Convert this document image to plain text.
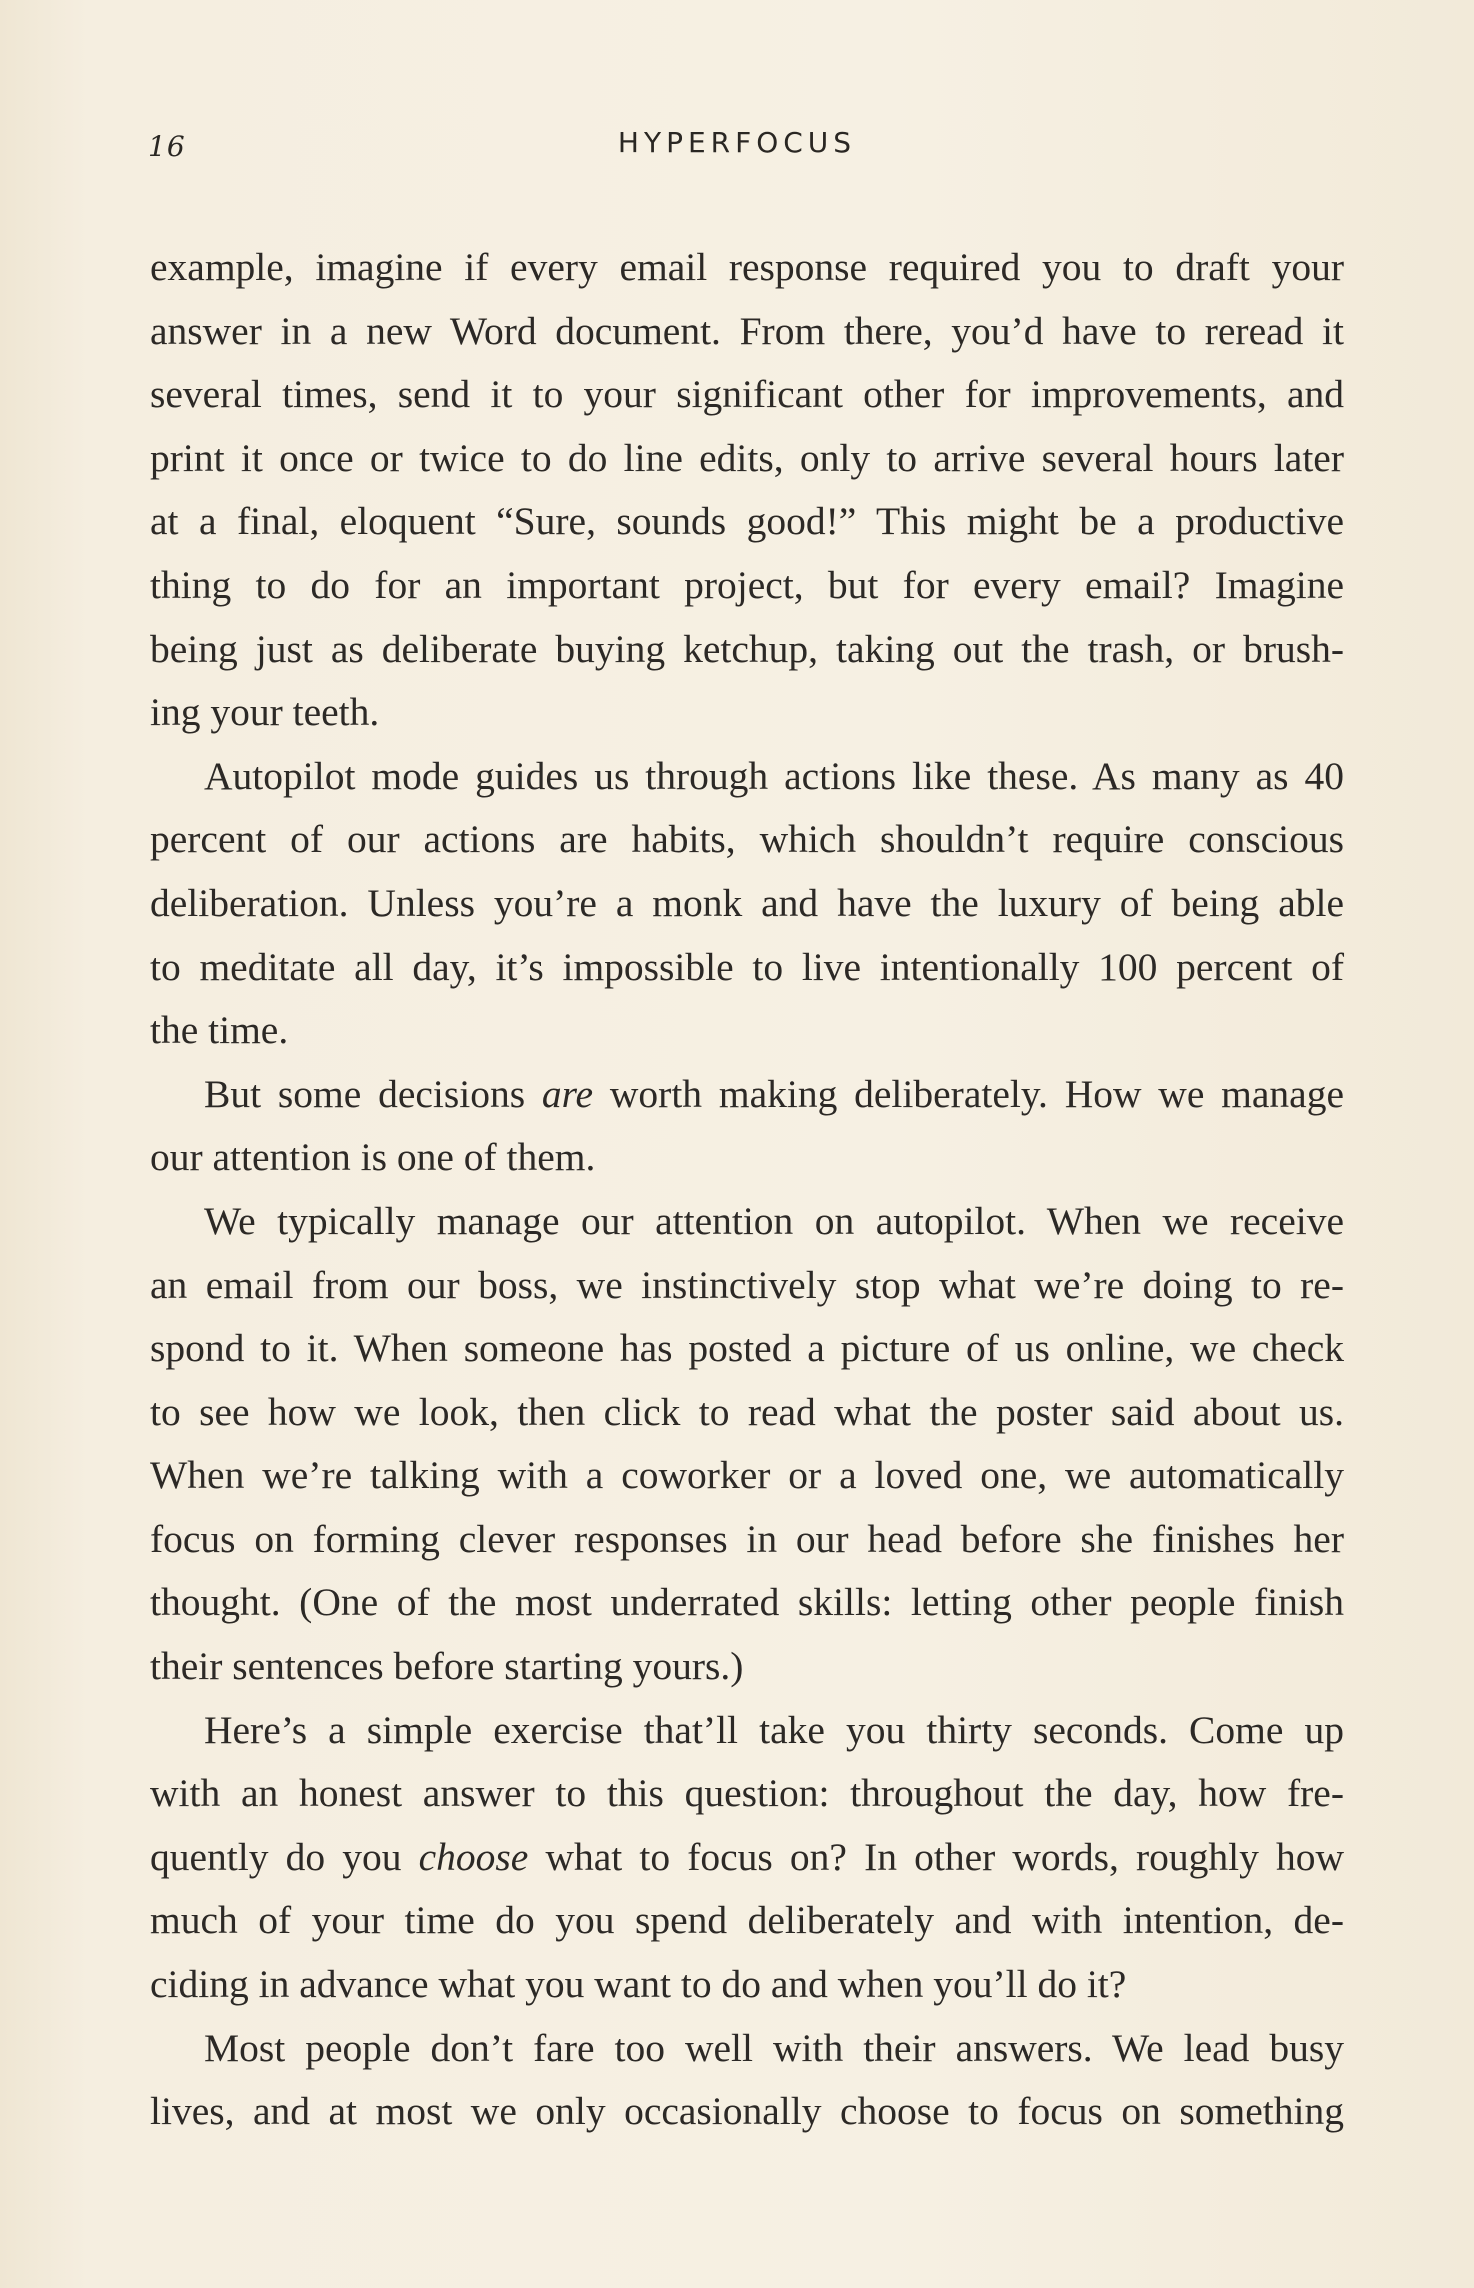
16	HYPERFOCUS

example, imagine if every email response required you to draft your
answer in a new Word document. From there, you’d have to reread it
several times, send it to your significant other for improvements, and
print it once or twice to do line edits, only to arrive several hours later
at a final, eloquent “Sure, sounds good!” This might be a productive
thing to do for an important project, but for every email? Imagine
being just as deliberate buying ketchup, taking out the trash, or brush-
ing your teeth.
Autopilot mode guides us through actions like these. As many as 40
percent of our actions are habits, which shouldn’t require conscious
deliberation. Unless you’re a monk and have the luxury of being able
to meditate all day, it’s impossible to live intentionally 100 percent of
the time.
But some decisions are worth making deliberately. How we manage
our attention is one of them.
We typically manage our attention on autopilot. When we receive
an email from our boss, we instinctively stop what we’re doing to re-
spond to it. When someone has posted a picture of us online, we check
to see how we look, then click to read what the poster said about us.
When we’re talking with a coworker or a loved one, we automatically
focus on forming clever responses in our head before she finishes her
thought. (One of the most underrated skills: letting other people finish
their sentences before starting yours.)
Here’s a simple exercise that’ll take you thirty seconds. Come up
with an honest answer to this question: throughout the day, how fre-
quently do you choose what to focus on? In other words, roughly how
much of your time do you spend deliberately and with intention, de-
ciding in advance what you want to do and when you’ll do it?
Most people don’t fare too well with their answers. We lead busy
lives, and at most we only occasionally choose to focus on something
